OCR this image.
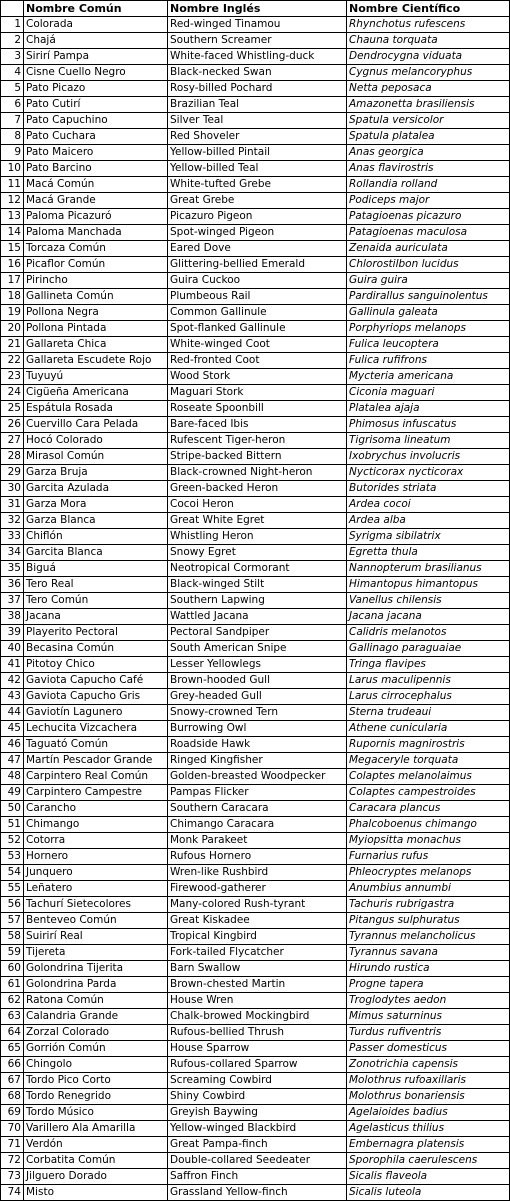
	Nombre Común	Nombre Inglés	Nombre Científico
1	Colorada	Red-winged Tinamou	Rhynchotus rufescens
2	Chajá	Southern Screamer	Chauna torquata
3	Sirirí Pampa	White-faced Whistling-duck	Dendrocygna viduata
4	Cisne Cuello Negro	Black-necked Swan	Cygnus melancoryphus
5	Pato Picazo	Rosy-billed Pochard	Netta peposaca
6	Pato Cutirí	Brazilian Teal	Amazonetta brasiliensis
7	Pato Capuchino	Silver Teal	Spatula versicolor
8	Pato Cuchara	Red Shoveler	Spatula platalea
9	Pato Maicero	Yellow-billed Pintail	Anas georgica
10	Pato Barcino	Yellow-billed Teal	Anas flavirostris
11	Macá Común	White-tufted Grebe	Rollandia rolland
12	Macá Grande	Great Grebe	Podiceps major
13	Paloma Picazuró	Picazuro Pigeon	Patagioenas picazuro
14	Paloma Manchada	Spot-winged Pigeon	Patagioenas maculosa
15	Torcaza Común	Eared Dove	Zenaida auriculata
16	Picaflor Común	Glittering-bellied Emerald	Chlorostilbon lucidus
17	Pirincho	Guira Cuckoo	Guira guira
18	Gallineta Común	Plumbeous Rail	Pardirallus sanguinolentus
19	Pollona Negra	Common Gallinule	Gallinula galeata
20	Pollona Pintada	Spot-flanked Gallinule	Porphyriops melanops
21	Gallareta Chica	White-winged Coot	Fulica leucoptera
22	Gallareta Escudete Rojo	Red-fronted Coot	Fulica rufifrons
23	Tuyuyú	Wood Stork	Mycteria americana
24	Cigüeña Americana	Maguari Stork	Ciconia maguari
25	Espátula Rosada	Roseate Spoonbill	Platalea ajaja
26	Cuervillo Cara Pelada	Bare-faced Ibis	Phimosus infuscatus
27	Hocó Colorado	Rufescent Tiger-heron	Tigrisoma lineatum
28	Mirasol Común	Stripe-backed Bittern	Ixobrychus involucris
29	Garza Bruja	Black-crowned Night-heron	Nycticorax nycticorax
30	Garcita Azulada	Green-backed Heron	Butorides striata
31	Garza Mora	Cocoi Heron	Ardea cocoi
32	Garza Blanca	Great White Egret	Ardea alba
33	Chiflón	Whistling Heron	Syrigma sibilatrix
34	Garcita Blanca	Snowy Egret	Egretta thula
35	Biguá	Neotropical Cormorant	Nannopterum brasilianus
36	Tero Real	Black-winged Stilt	Himantopus himantopus
37	Tero Común	Southern Lapwing	Vanellus chilensis
38	Jacana	Wattled Jacana	Jacana jacana
39	Playerito Pectoral	Pectoral Sandpiper	Calidris melanotos
40	Becasina Común	South American Snipe	Gallinago paraguaiae
41	Pitotoy Chico	Lesser Yellowlegs	Tringa flavipes
42	Gaviota Capucho Café	Brown-hooded Gull	Larus maculipennis
43	Gaviota Capucho Gris	Grey-headed Gull	Larus cirrocephalus
44	Gaviotín Lagunero	Snowy-crowned Tern	Sterna trudeaui
45	Lechucita Vizcachera	Burrowing Owl	Athene cunicularia
46	Taguató Común	Roadside Hawk	Rupornis magnirostris
47	Martín Pescador Grande	Ringed Kingfisher	Megaceryle torquata
48	Carpintero Real Común	Golden-breasted Woodpecker	Colaptes melanolaimus
49	Carpintero Campestre	Pampas Flicker	Colaptes campestroides
50	Carancho	Southern Caracara	Caracara plancus
51	Chimango	Chimango Caracara	Phalcoboenus chimango
52	Cotorra	Monk Parakeet	Myiopsitta monachus
53	Hornero	Rufous Hornero	Furnarius rufus
54	Junquero	Wren-like Rushbird	Phleocryptes melanops
55	Leñatero	Firewood-gatherer	Anumbius annumbi
56	Tachurí Sietecolores	Many-colored Rush-tyrant	Tachuris rubrigastra
57	Benteveo Común	Great Kiskadee	Pitangus sulphuratus
58	Suirirí Real	Tropical Kingbird	Tyrannus melancholicus
59	Tijereta	Fork-tailed Flycatcher	Tyrannus savana
60	Golondrina Tijerita	Barn Swallow	Hirundo rustica
61	Golondrina Parda	Brown-chested Martin	Progne tapera
62	Ratona Común	House Wren	Troglodytes aedon
63	Calandria Grande	Chalk-browed Mockingbird	Mimus saturninus
64	Zorzal Colorado	Rufous-bellied Thrush	Turdus rufiventris
65	Gorrión Común	House Sparrow	Passer domesticus
66	Chingolo	Rufous-collared Sparrow	Zonotrichia capensis
67	Tordo Pico Corto	Screaming Cowbird	Molothrus rufoaxillaris
68	Tordo Renegrido	Shiny Cowbird	Molothrus bonariensis
69	Tordo Músico	Greyish Baywing	Agelaioides badius
70	Varillero Ala Amarilla	Yellow-winged Blackbird	Agelasticus thilius
71	Verdón	Great Pampa-finch	Embernagra platensis
72	Corbatita Común	Double-collared Seedeater	Sporophila caerulescens
73	Jilguero Dorado	Saffron Finch	Sicalis flaveola
74	Misto	Grassland Yellow-finch	Sicalis luteola
